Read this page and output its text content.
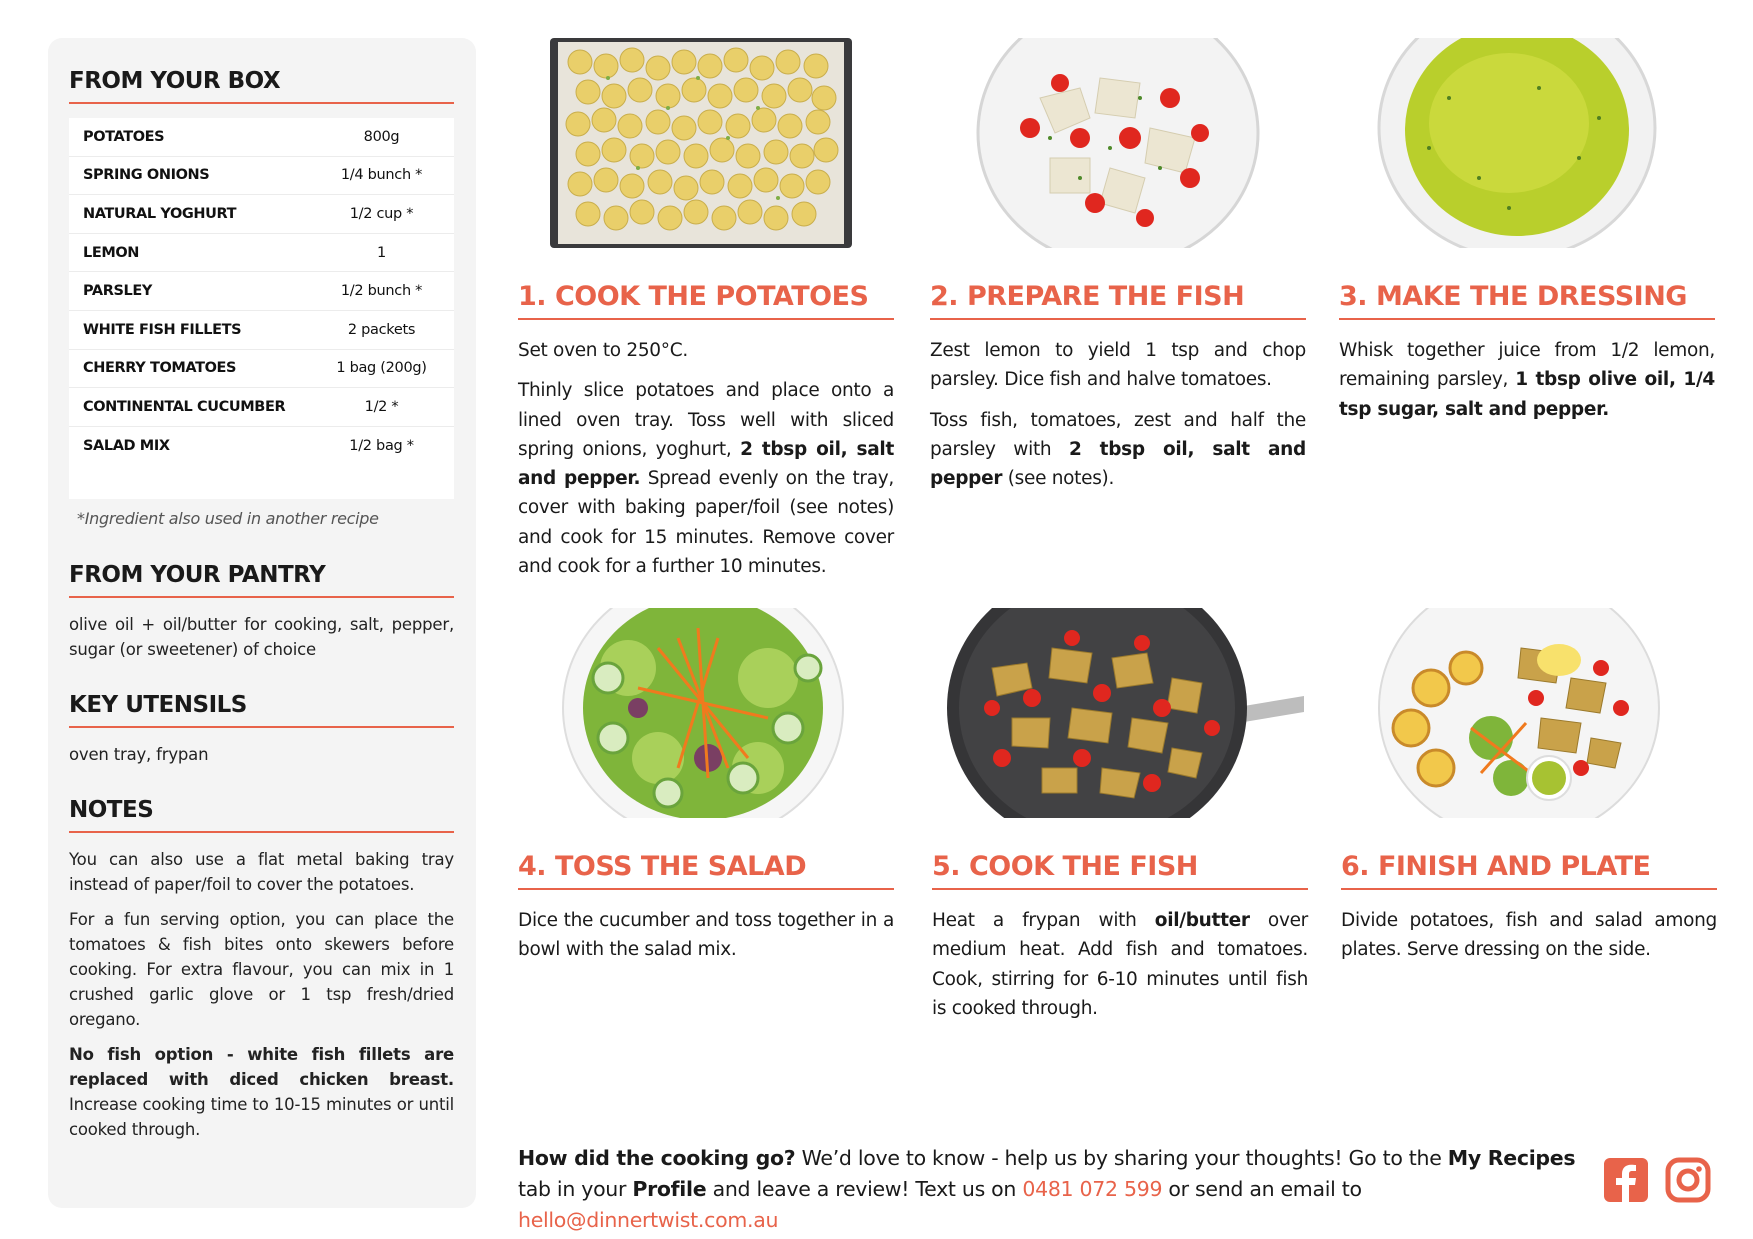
FROM YOUR BOX
POTATOES	800g
SPRING ONIONS	1/4 bunch *
NATURAL YOGHURT	1/2 cup *
LEMON	1
PARSLEY	1/2 bunch *
WHITE FISH FILLETS	2 packets
CHERRY TOMATOES	1 bag (200g)
CONTINENTAL CUCUMBER	1/2 *
SALAD MIX	1/2 bag *
*Ingredient also used in another recipe
FROM YOUR PANTRY

olive oil + oil/butter for cooking, salt, pepper, sugar (or sweetener) of choice

KEY UTENSILS

oven tray, frypan

NOTES

You can also use a flat metal baking tray instead of paper/foil to cover the potatoes.

For a fun serving option, you can place the tomatoes & fish bites onto skewers before cooking. For extra flavour, you can mix in 1 crushed garlic glove or 1 tsp fresh/dried oregano.

No fish option - white fish fillets are replaced with diced chicken breast. Increase cooking time to 10-15 minutes or until cooked through.

1. COOK THE POTATOES

Set oven to 250°C.

Thinly slice potatoes and place onto a lined oven tray. Toss well with sliced spring onions, yoghurt, 2 tbsp oil, salt and pepper. Spread evenly on the tray, cover with baking paper/foil (see notes) and cook for 15 minutes. Remove cover and cook for a further 10 minutes.

2. PREPARE THE FISH

Zest lemon to yield 1 tsp and chop parsley. Dice fish and halve tomatoes.

Toss fish, tomatoes, zest and half the parsley with 2 tbsp oil, salt and pepper (see notes).

3. MAKE THE DRESSING

Whisk together juice from 1/2 lemon, remaining parsley, 1 tbsp olive oil, 1/4 tsp sugar, salt and pepper.

4. TOSS THE SALAD

Dice the cucumber and toss together in a bowl with the salad mix.

5. COOK THE FISH

Heat a frypan with oil/butter over medium heat. Add fish and tomatoes. Cook, stirring for 6-10 minutes until fish is cooked through.

6. FINISH AND PLATE

Divide potatoes, fish and salad among plates. Serve dressing on the side.

How did the cooking go? We’d love to know - help us by sharing your thoughts! Go to the My Recipes tab in your Profile and leave a review! Text us on 0481 072 599 or send an email to hello@dinnertwist.com.au
